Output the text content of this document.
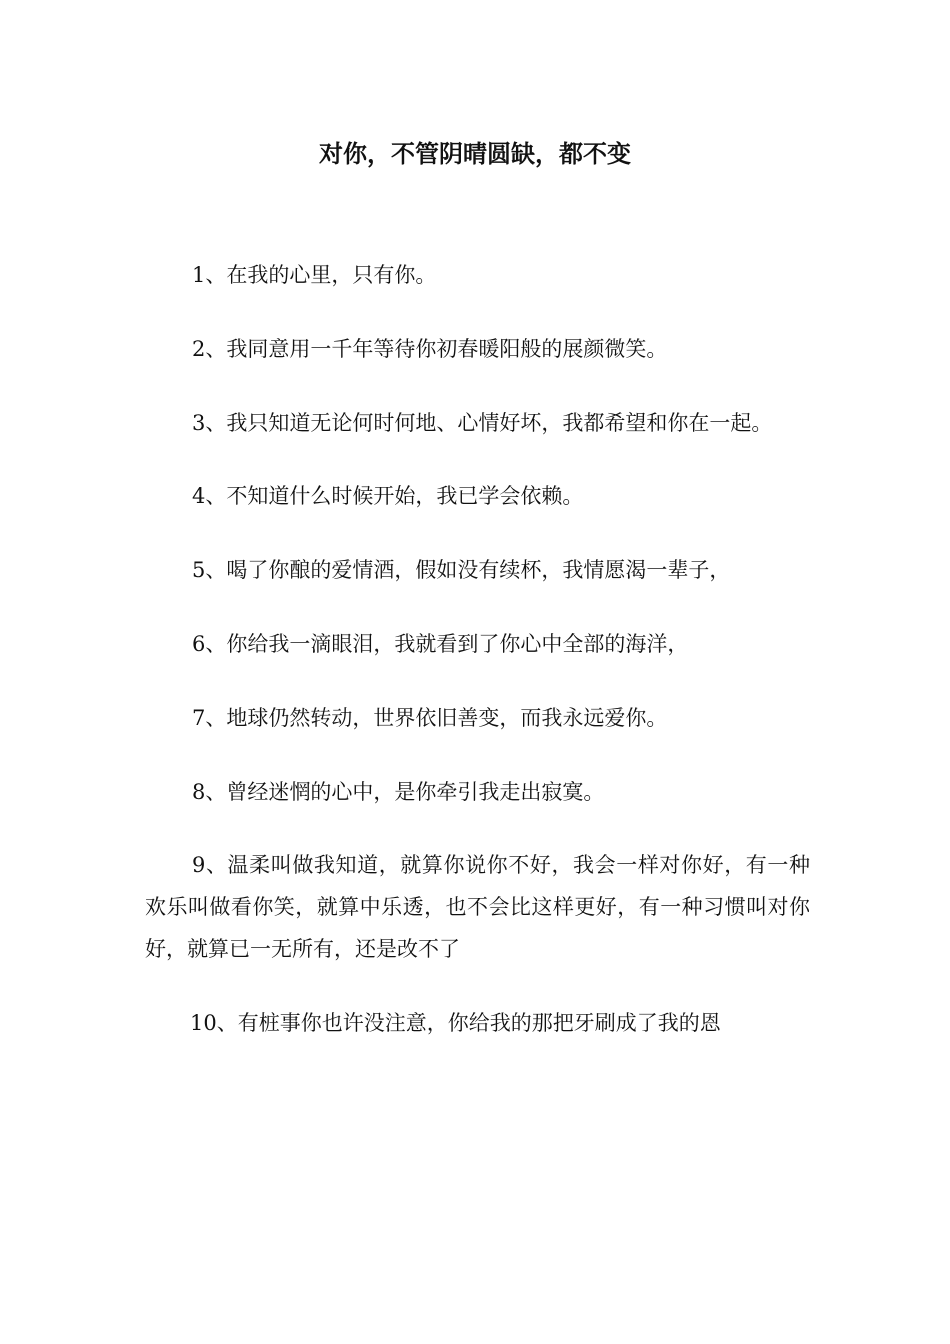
对你，不管阴晴圆缺，都不变

1、在我的心里，只有你。

2、我同意用一千年等待你初春暖阳般的展颜微笑。

3、我只知道无论何时何地、心情好坏，我都希望和你在一起。

4、不知道什么时候开始，我已学会依赖。

5、喝了你酿的爱情酒，假如没有续杯，我情愿渴一辈子，

6、你给我一滴眼泪，我就看到了你心中全部的海洋，

7、地球仍然转动，世界依旧善变，而我永远爱你。

8、曾经迷惘的心中，是你牵引我走出寂寞。

9、温柔叫做我知道，就算你说你不好，我会一样对你好，有一种欢乐叫做看你笑，就算中乐透，也不会比这样更好，有一种习惯叫对你好，就算已一无所有，还是改不了

10、有桩事你也许没注意，你给我的那把牙刷成了我的恩
